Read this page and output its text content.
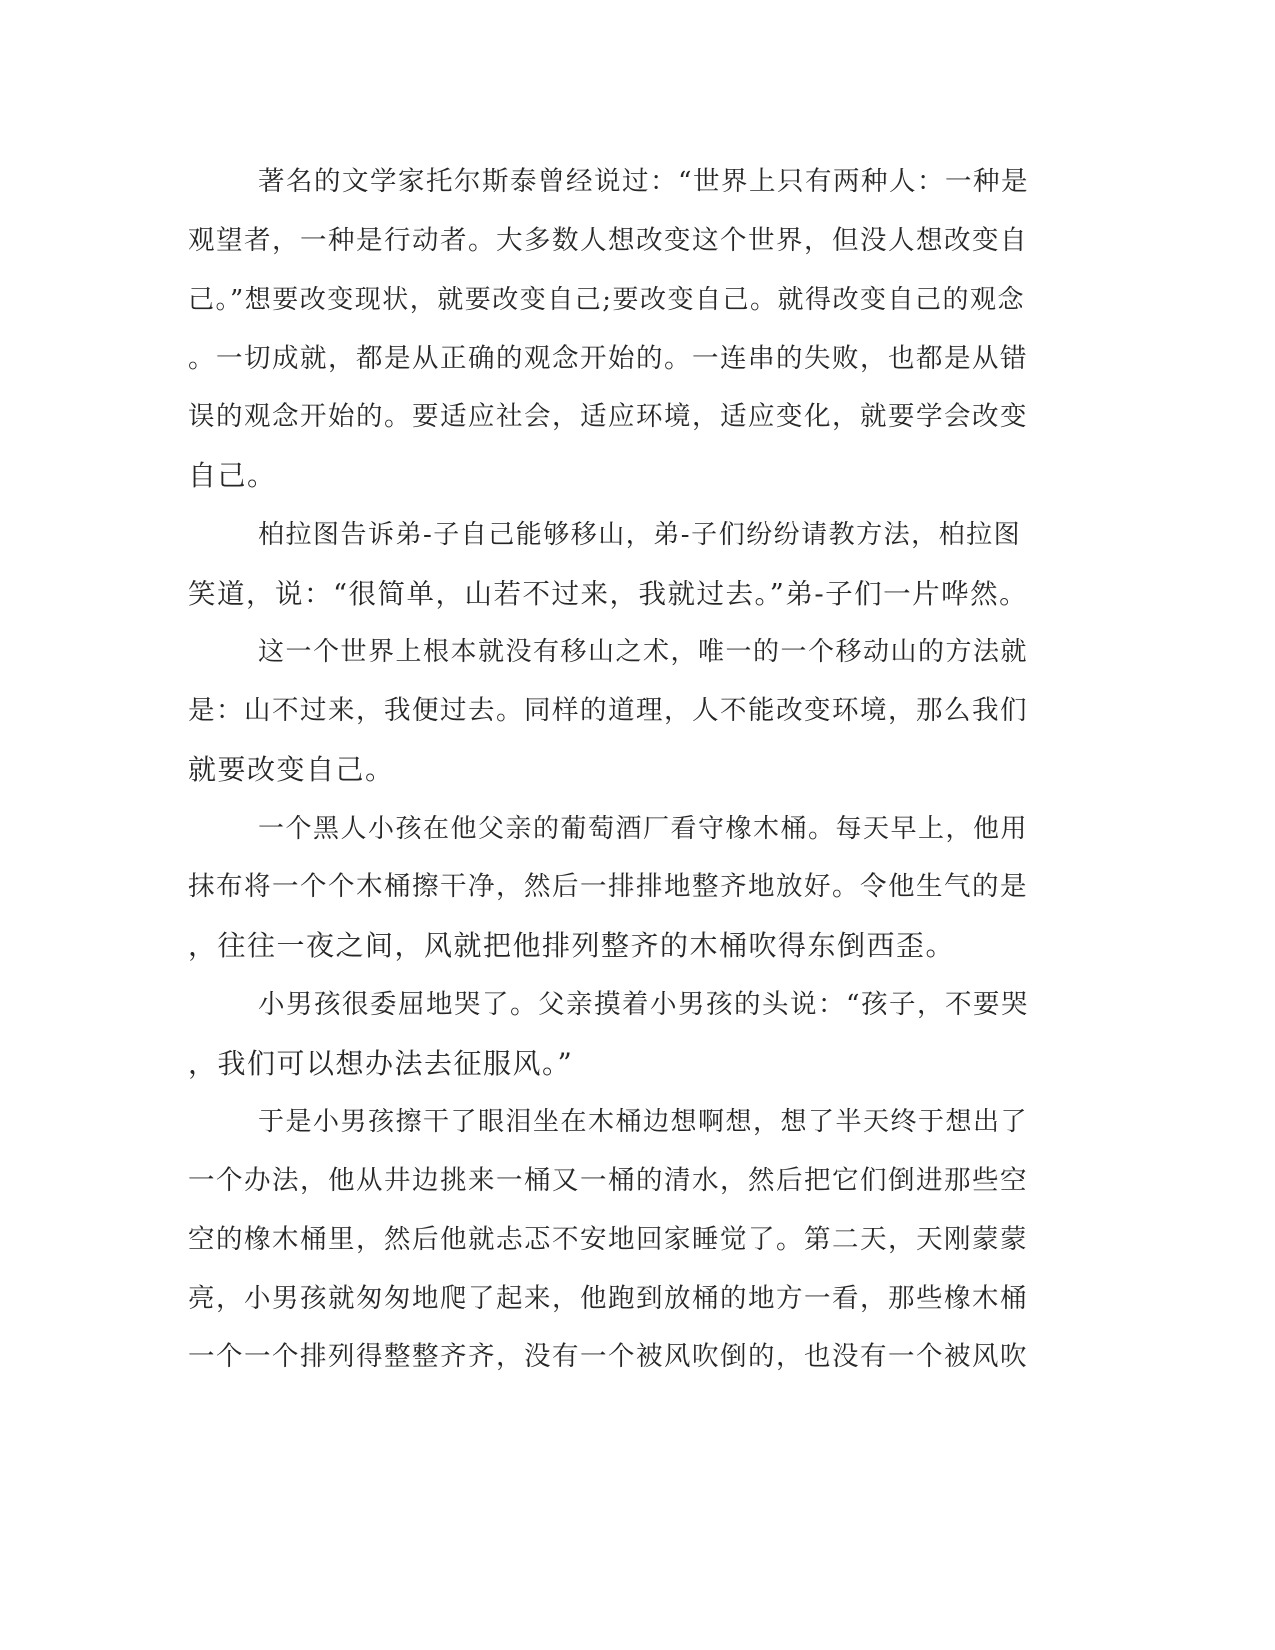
著名的文学家托尔斯泰曾经说过：“世界上只有两种人：一种是

观望者，一种是行动者。大多数人想改变这个世界，但没人想改变自

己。”想要改变现状，就要改变自己;要改变自己。就得改变自己的观念

。一切成就，都是从正确的观念开始的。一连串的失败，也都是从错

误的观念开始的。要适应社会，适应环境，适应变化，就要学会改变

自己。

柏拉图告诉弟-子自己能够移山，弟-子们纷纷请教方法，柏拉图

笑道，说：“很简单，山若不过来，我就过去。”弟-子们一片哗然。

这一个世界上根本就没有移山之术，唯一的一个移动山的方法就

是：山不过来，我便过去。同样的道理，人不能改变环境，那么我们

就要改变自己。

一个黑人小孩在他父亲的葡萄酒厂看守橡木桶。每天早上，他用

抹布将一个个木桶擦干净，然后一排排地整齐地放好。令他生气的是

，往往一夜之间，风就把他排列整齐的木桶吹得东倒西歪。

小男孩很委屈地哭了。父亲摸着小男孩的头说：“孩子，不要哭

，我们可以想办法去征服风。”

于是小男孩擦干了眼泪坐在木桶边想啊想，想了半天终于想出了

一个办法，他从井边挑来一桶又一桶的清水，然后把它们倒进那些空

空的橡木桶里，然后他就忐忑不安地回家睡觉了。第二天，天刚蒙蒙

亮，小男孩就匆匆地爬了起来，他跑到放桶的地方一看，那些橡木桶

一个一个排列得整整齐齐，没有一个被风吹倒的，也没有一个被风吹
